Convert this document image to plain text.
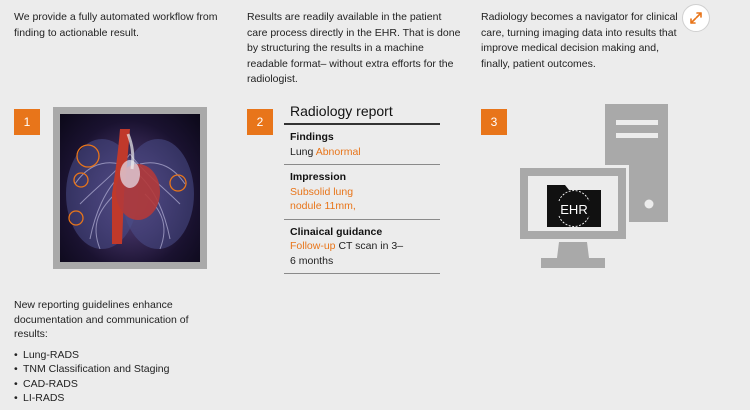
We provide a fully automated workflow from finding to actionable result.

Results are readily available in the patient care process directly in the EHR. That is done by structuring the results in a machine readable format– without extra efforts for the radiologist.

Radiology becomes a navigator for clinical care, turning imaging data into results that improve medical decision making and, finally, patient outcomes.

1	2	3
Radiology report
Findings
Lung Abnormal
Impression
Subsolid lung nodule 11mm,
Clinaical guidance
Follow-up CT scan in 3–6 months
EHR

New reporting guidelines enhance documentation and communication of results:

• Lung-RADS
• TNM Classification and Staging
• CAD-RADS
• LI-RADS
